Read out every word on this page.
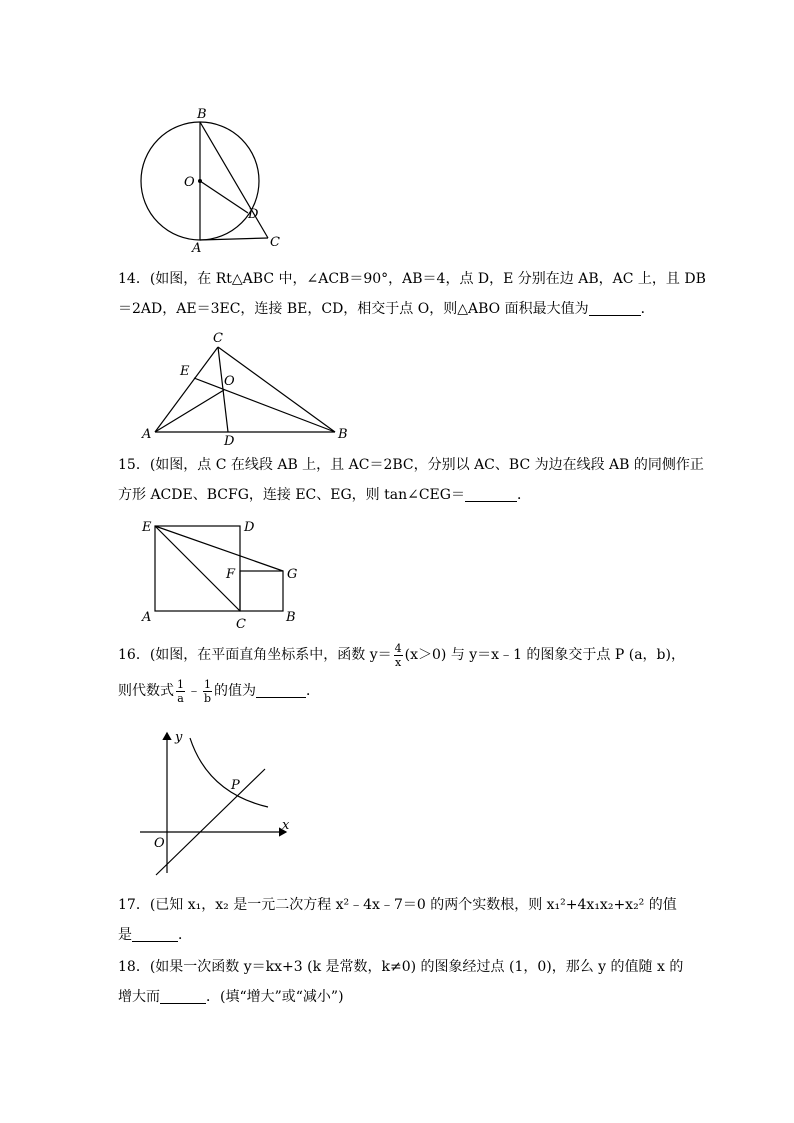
B
O
D
A	C
14．(如图，在 Rt△ABC 中，∠ACB＝90°，AB＝4，点 D，E 分别在边 AB，AC 上，且 DB
＝2AD，AE＝3EC，连接 BE，CD，相交于点 O，则△ABO 面积最大值为	．
C
E
O
A	D	B
15．(如图，点 C 在线段 AB 上，且 AC＝2BC，分别以 AC、BC 为边在线段 AB 的同侧作正
方形 ACDE、BCFG，连接 EC、EG，则 tan∠CEG＝	．
E	D
F	G
A	C	B
16．(如图，在平面直角坐标系中，函数 $y= \frac{4}{x} (x>0)$ 与 y＝x﹣1 的图象交于点 P (a，b)，
则代数式 $\frac{1}{a}$ ﹣ $\frac{1}{b}$ 的值为	．
y
x
O
P
17．(已知 x₁，x₂ 是一元二次方程 x²﹣4x﹣7＝0 的两个实数根，则 x₁²+4x₁x₂+x₂² 的值
是	．
18．(如果一次函数 y＝kx+3 (k 是常数，k≠0) 的图象经过点 (1，0)，那么 y 的值随 x 的
增大而	．(填“增大”或“减小”)
